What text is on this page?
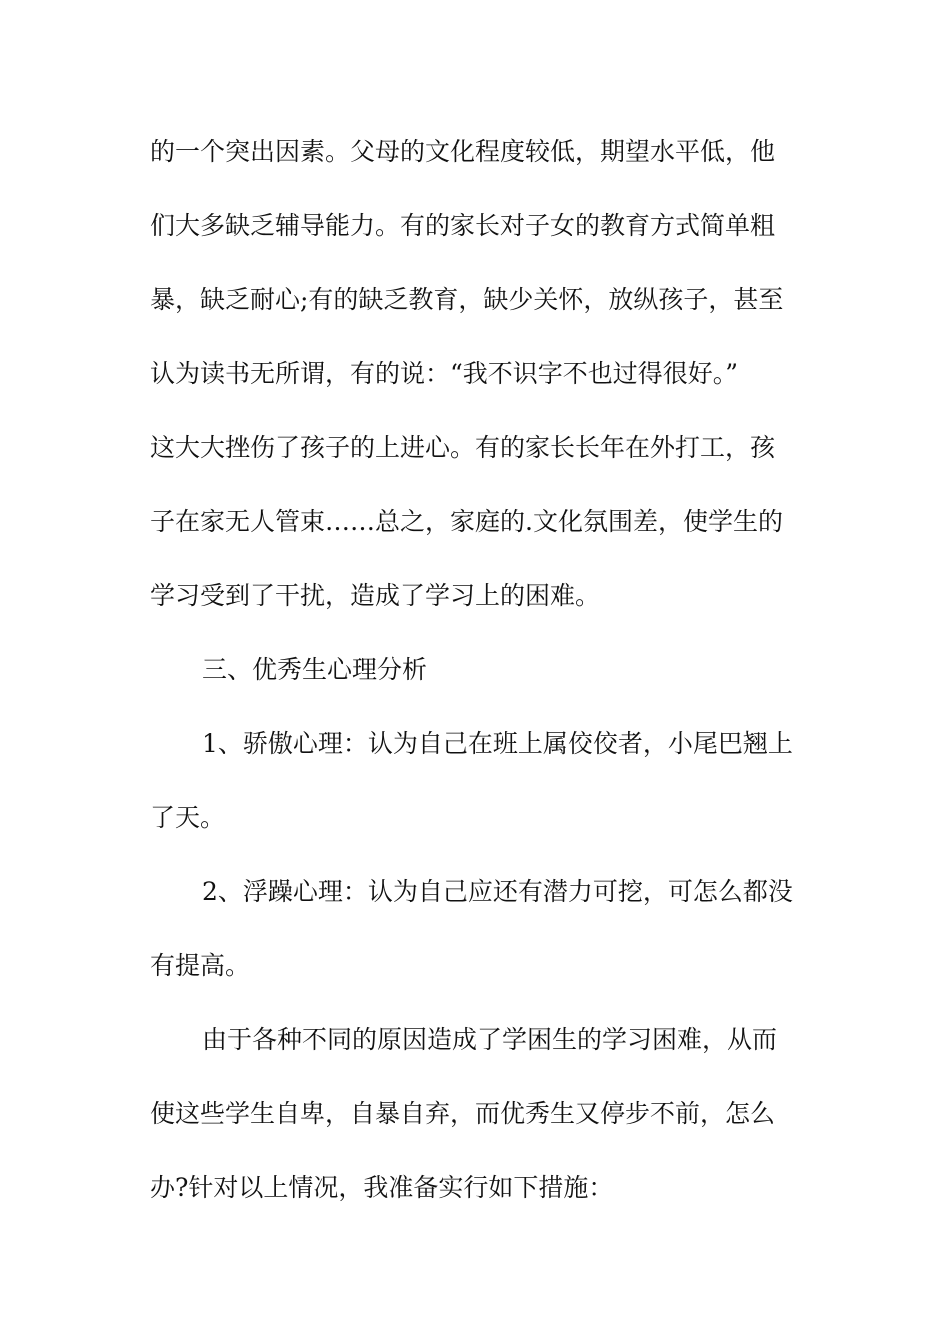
的一个突出因素。父母的文化程度较低，期望水平低，他
们大多缺乏辅导能力。有的家长对子女的教育方式简单粗
暴，缺乏耐心;有的缺乏教育，缺少关怀，放纵孩子，甚至
认为读书无所谓，有的说：“我不识字不也过得很好。”
这大大挫伤了孩子的上进心。有的家长长年在外打工，孩
子在家无人管束……总之，家庭的.文化氛围差，使学生的
学习受到了干扰，造成了学习上的困难。
三、优秀生心理分析
1、骄傲心理：认为自己在班上属佼佼者，小尾巴翘上
了天。
2、浮躁心理：认为自己应还有潜力可挖，可怎么都没
有提高。
由于各种不同的原因造成了学困生的学习困难，从而
使这些学生自卑，自暴自弃，而优秀生又停步不前，怎么
办?针对以上情况，我准备实行如下措施：
